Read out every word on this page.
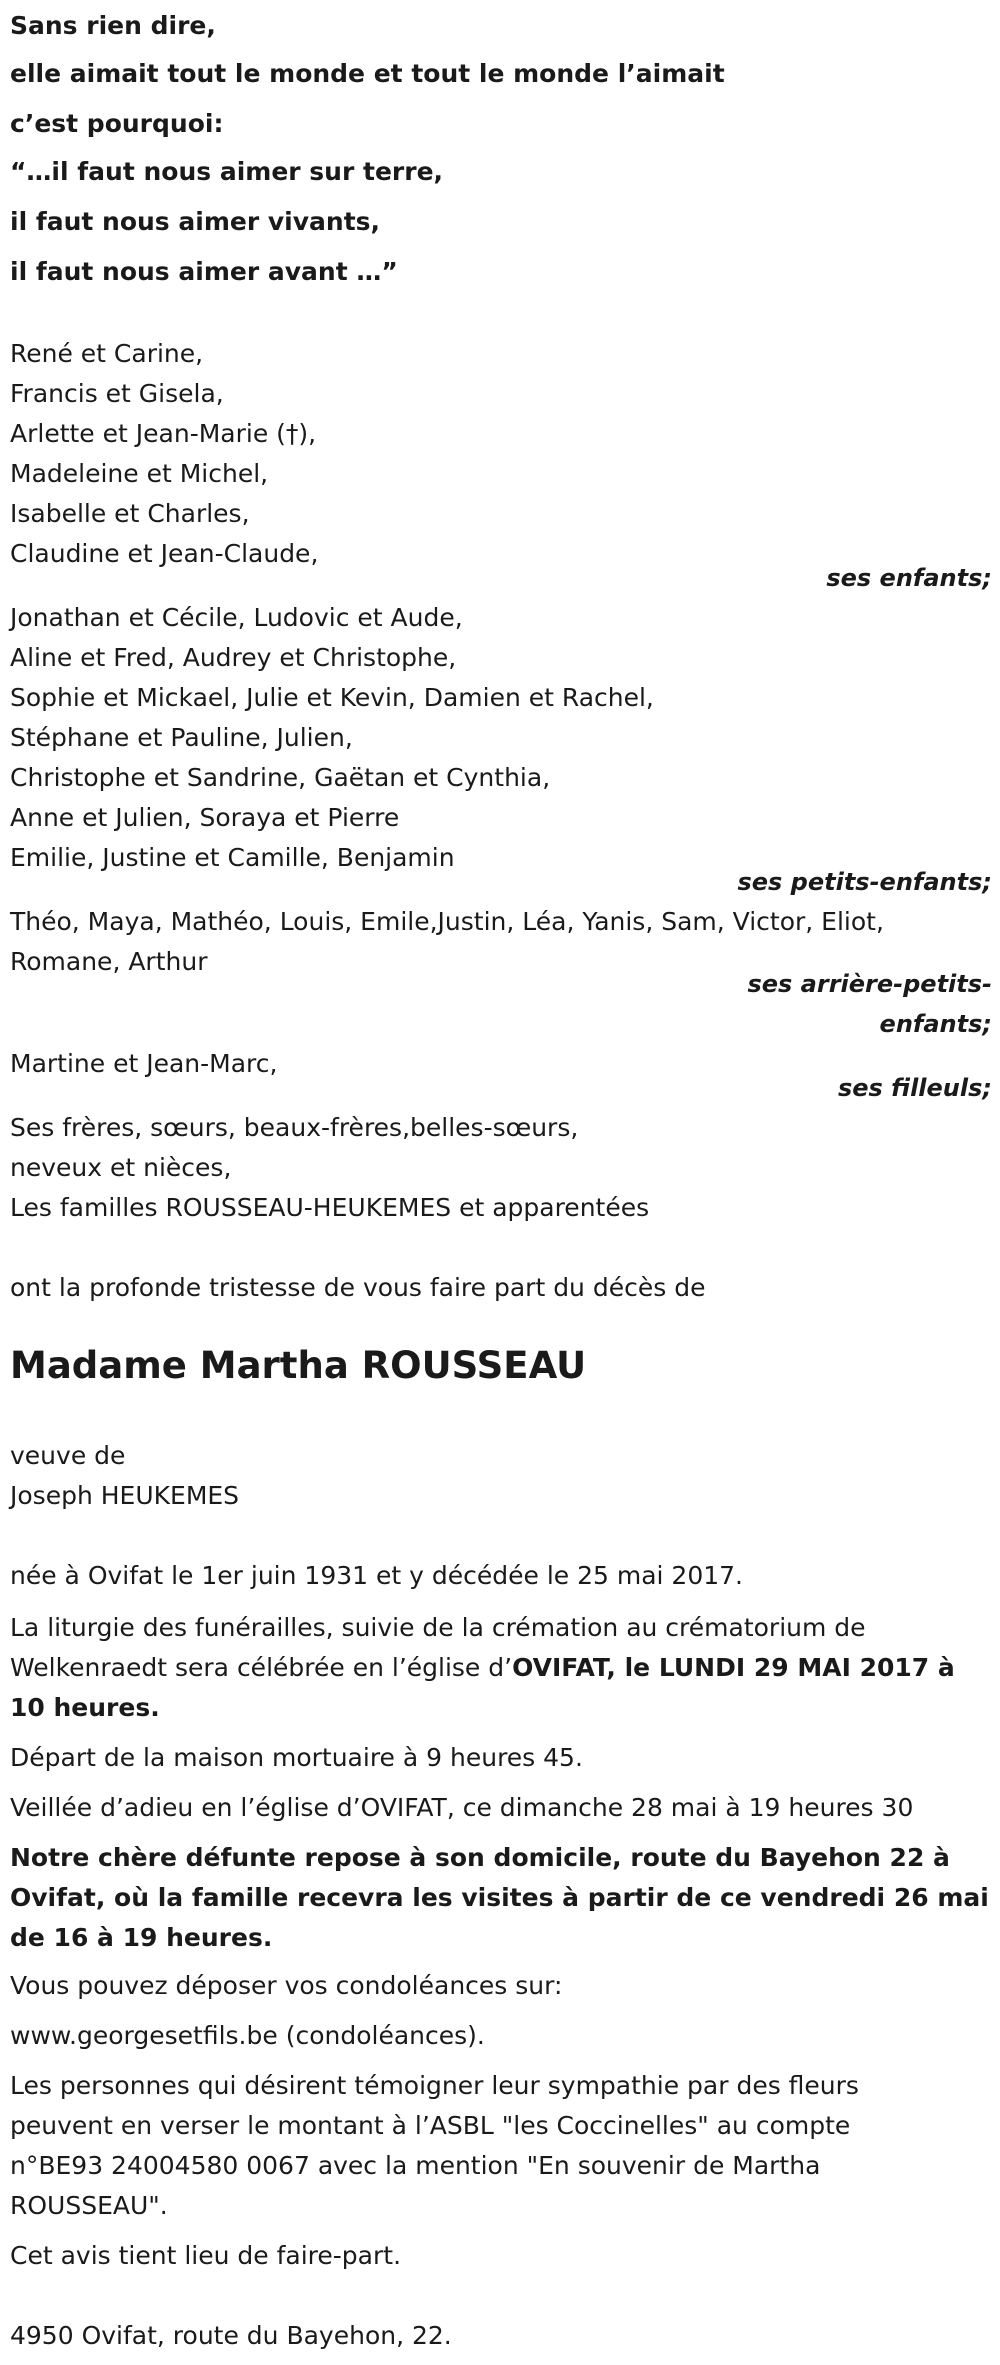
Sans rien dire,
elle aimait tout le monde et tout le monde l’aimait
c’est pourquoi:
“…il faut nous aimer sur terre,
il faut nous aimer vivants,
il faut nous aimer avant …”
René et Carine,
Francis et Gisela,
Arlette et Jean-Marie (†),
Madeleine et Michel,
Isabelle et Charles,
Claudine et Jean-Claude,
ses enfants;
Jonathan et Cécile, Ludovic et Aude,
Aline et Fred, Audrey et Christophe,
Sophie et Mickael, Julie et Kevin, Damien et Rachel,
Stéphane et Pauline, Julien,
Christophe et Sandrine, Gaëtan et Cynthia,
Anne et Julien, Soraya et Pierre
Emilie, Justine et Camille, Benjamin
ses petits-enfants;
Théo, Maya, Mathéo, Louis, Emile,Justin, Léa, Yanis, Sam, Victor, Eliot,
Romane, Arthur
ses arrière-petits-
enfants;
Martine et Jean-Marc,
ses filleuls;
Ses frères, sœurs, beaux-frères,belles-sœurs,
neveux et nièces,
Les familles ROUSSEAU-HEUKEMES et apparentées
ont la profonde tristesse de vous faire part du décès de
Madame Martha ROUSSEAU
veuve de
Joseph HEUKEMES
née à Ovifat le 1er juin 1931 et y décédée le 25 mai 2017.
La liturgie des funérailles, suivie de la crémation au crématorium de
Welkenraedt sera célébrée en l’église d’OVIFAT, le LUNDI 29 MAI 2017 à
10 heures.
Départ de la maison mortuaire à 9 heures 45.
Veillée d’adieu en l’église d’OVIFAT, ce dimanche 28 mai à 19 heures 30
Notre chère défunte repose à son domicile, route du Bayehon 22 à
Ovifat, où la famille recevra les visites à partir de ce vendredi 26 mai
de 16 à 19 heures.
Vous pouvez déposer vos condoléances sur:
www.georgesetfils.be (condoléances).
Les personnes qui désirent témoigner leur sympathie par des fleurs
peuvent en verser le montant à l’ASBL "les Coccinelles" au compte
n°BE93 24004580 0067 avec la mention "En souvenir de Martha
ROUSSEAU".
Cet avis tient lieu de faire-part.
4950 Ovifat, route du Bayehon, 22.
